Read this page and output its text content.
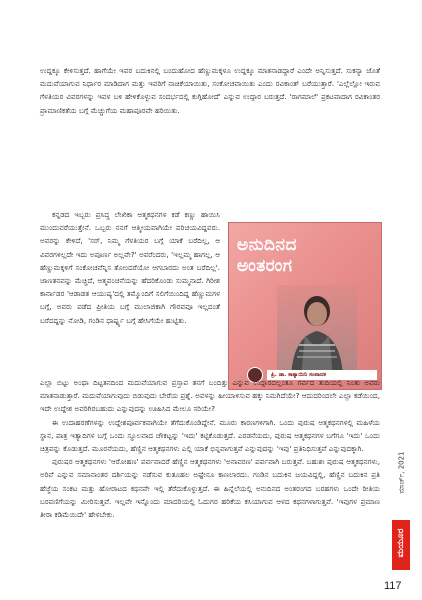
ಉದ್ದಕ್ಕೂ ಕೇಳಿಸುತ್ತದೆ. ಹಾಗೆಯೇ ಇವರ ಬದುಕಿನಲ್ಲಿ ಬಂದುಹೋದ ಹೆಣ್ಣುಮಕ್ಕಳೂ ಉದ್ದಕ್ಕೂ ಮಾತನಾಡದ್ದಾರೆ ಎಂದೇ ಅನ್ನಿಸುತ್ತದೆ. ಸುಕನ್ಯಾ ಜೊತೆ ಮದುವೆಯಾಗುವ ನಿರ್ಧಾರ ಮಾಡಿದಾಗ ಮತ್ತು ಇವರಿಗೆ ನಾಚಿಕೆಯಾಯಿತು, ಸಂಕೋಚವಾಯಿತು ಎಂದು ರವಿಕಾಂತ್ ಬರೆಯುತ್ತಾರೆ. 'ಎಲ್ಲೆಲ್ಲೋ ಇರುವ ಗೆಳತಿಯರ ವಿವರಗಳನ್ನು ಇವಳ ಬಳಿ ಹೇಳಿಕೊಳ್ಳುವ ಸಂದರ್ಭದಲ್ಲಿ ಕುಗ್ಗಿಹೋದೆ' ಎನ್ನುವ ಉದ್ಗಾರ ಬರುತ್ತದೆ. 'ರಾಗಮಾಲೆ' ಪ್ರಕಟವಾದಾಗ ರವಿಕಾಂತರ ಪ್ರಾಮಾಣಿಕತೆಯ ಬಗ್ಗೆ ಮೆಚ್ಚುಗೆಯ ಮಹಾಪೂರವೇ ಹರಿಯಿತು.

ಕನ್ನಡದ ಇಬ್ಬರು ಪ್ರಸಿದ್ಧ ಲೇಖಿಕಾ ಆತ್ಮಕಥನಗಳ ಕಡೆ ಕಣ್ಣು ಹಾಯಿಸಿ ಮುಂದುವರೆಯುತ್ತೇನೆ. ಒಬ್ಬರು ನನಗೆ ಆತ್ಮೀಯವಾಗಿಯೇ ಪರಿಚಯವಿದ್ದವರು. ಅವರನ್ನು ಕೇಳಿದೆ, 'ಸರ್, ನಿಮ್ಮ ಗೆಳತಿಯರ ಬಗ್ಗೆ ಯಾಕೆ ಬರೆದಿಲ್ಲ, ಆ ವಿವರಗಳಿಲ್ಲದೇ ಇದು ಅಪೂರ್ಣ ಅಲ್ಲವೇ?' ಅವರೆಂದರು, 'ಇಲ್ಲಮ್ಮ ಹಾಗಲ್ಲ, ಆ ಹೆಣ್ಣುಮಕ್ಕಳಿಗೆ ಸಂಕೋಚವೆನ್ನಿಸ ತೋಂದರೆಯೋ ಆಗಬಾರದು ಅಂತ ಬರೆದಿಲ್ಲ'. ಜಾಣತನವನ್ನು ಮೆಚ್ಚಿದೆ, ಆತ್ಮವಂಚನೆಯನ್ನು ಹೆದರಿಕೊಂಡು ಸುಮ್ಮನಾದೆ. ಗಿರೀಶ ಕಾರ್ನಾಡರ 'ಆಡಾಡತ ಆಯುಷ್ಯ'ದಲ್ಲಿ ತಮ್ಮೊಂದಿಗೆ ಸಲಿಗೆಯಿಂದಿದ್ದ ಹೆಣ್ಣುಮಗಳ ಬಗ್ಗೆ, ಅವರು ಪಡೆದ ಪ್ರೀತಿಯ ಬಗ್ಗೆ ಮುಲಾಜಿಕಾಗಿ ಗೌರವವೂ ಇಲ್ಲದಂತೆ ಬರೆದದ್ದನ್ನು ನೋಡಿ, ಗಂಡಿನ ಧಾರ್ಷ್ಟ್ಯ ಬಗ್ಗೆ ಹೇಸಿಗೆಯೇ ಹುಟ್ಟಿತು.

ಅನುದಿನದ
ಅಂತರಂಗ
ಪ್ರಿ. ಡಾ. ಕಾತ್ಯಾಯಿನಿ ಸಂಪಾದಕ

ಎಲ್ಲಾ ಬಿಟ್ಟು ಅಂಥಾ ದಿಟ್ಟತನದಿಂದ ಮದುವೆಯಾಗುವ ಪ್ರಸ್ತಾಪ ತನಗೆ ಬಂದಿತ್ತು ಎನ್ನುವ ಉದ್ಗಾರದಲ್ಲಂತೂ ಗರ್ವದ ತುದಿಯಲ್ಲಿ ನಿಂತು ಅವರು ಮಾತನಾಡುತ್ತಾರೆ. ಮದುವೆಯಾಗುವುದು ಬಿಡುವುದು ಬೇರೆಯ ಪ್ರಶ್ನೆ. ಅವಳನ್ನು ಹೀಯಾಳಿಸುವ ಹಕ್ಕು ನಿಮಗಿದೆಯೇ? ಆದುದರಿಂದಲೇ ಎಲ್ಲಾ ಕಡೆಯಿಂದ, ಇದೇ ಉದ್ದೇಶ ಅವರಿಗಿರಬಹುದು ಎನ್ನುವುದನ್ನು ಊಹಿಸಿದ ಮೇಲೂ ಸರಿಯೇ?

ಈ ಉದಾಹರಣೆಗಳನ್ನು ಉದ್ದೇಶಪೂರ್ವಕವಾಗಿಯೇ ತೆಗೆದುಕೊಂಡಿದ್ದೇನೆ. ಮೂರು ಕಾರಣಗಳಿಗಾಗಿ. ಒಂದು ಪುರುಷ ಆತ್ಮಕಥನಗಳಲ್ಲಿ ಮಹಿಳೆಯ ಸ್ಥಾನ, ಪಾತ್ರ ಇತ್ಯಾದಿಗಳ ಬಗ್ಗೆ ಒಂದು ಸ್ಥೂಲವಾದ ಚೌಕಟ್ಟನ್ನು 'ಇದು' ಕಟ್ಟಿಕೊಡುತ್ತದೆ. ಎರಡನೆಯದು, ಪುರುಷ ಆತ್ಮಕಥನಗಳ ಬಗೆಗೂ 'ಇದು' ಒಂದು ಚಿತ್ರವನ್ನು ಕೊಡುತ್ತದೆ. ಮೂರನೆಯದು, ಹೆಣ್ಣಿನ ಆತ್ಮಕಥನಗಳು ಎಲ್ಲಿ ಯಾಕೆ ಭಿನ್ನವಾಗುತ್ತವೆ ಎನ್ನುವುದನ್ನು 'ಇವು' ಪ್ರತಿನಿಧಿಸುತ್ತವೆ ಎನ್ನುವುದಕ್ಕಾಗಿ.

ಪುರುಷರ ಆತ್ಮಕಥನಗಳು 'ಆರೋಹಣ' ಪರ್ವವಾದರೆ ಹೆಣ್ಣಿನ ಆತ್ಮಕಥನಗಳು 'ಅನಾವರಣ' ಪರ್ವವಾಗಿ ಬರುತ್ತವೆ. ಬಹುಶಃ ಪುರುಷ ಆತ್ಮಕಥನಗಳು, ಅರಿವೆ ಎನ್ನುವ ಸಮಾನಾಂತರ ದರ್ಶಿಯನ್ನು ನಡೆಸುವ ಕುತೂಹಲ ಅಷ್ಟೇನೂ ಕಾಣಲಾರದು. ಗಂಡಿನ ಬದುಕಿನ ಜಯವಿದ್ದಲ್ಲಿ, ಹೆಣ್ಣಿನ ಬದುಕಿನ ಪ್ರತಿ ಹೆಜ್ಜೆಯ ಸಂಕಟ ಮತ್ತು ಹೋರಾಟದ ಕಥನವೇ ಇಲ್ಲಿ ತೆರೆದುಕೊಳ್ಳುತ್ತದೆ. ಈ ಹಿನ್ನೆಲೆಯಲ್ಲಿ ಅನುದಿನದ ಅಂತರಂಗದ ಬರಹಗಳು ಒಂದೇ ರೀತಿಯ ಬರವಣಿಗೆಯನ್ನು ಮೀರಿಸುತ್ತವೆ. ಇಲ್ಲವೇ ಇನ್ನೊಂದು ಮಾದರಿಯಲ್ಲಿ ಓದುಗರ ಹರಿಕೆಯ ಕಸಿಯಾಗುವ ಆಳದ ಕಥನಗಳಾಗುತ್ತವೆ. 'ಇವುಗಳ ಪ್ರಮಾಣ ತೀರಾ ಕಡಿಮೆಯಿದೇ' ಹೇಳಬೇಕು.

ಮಾರ್ಚ್, 2021
ಮಯೂರ
117
